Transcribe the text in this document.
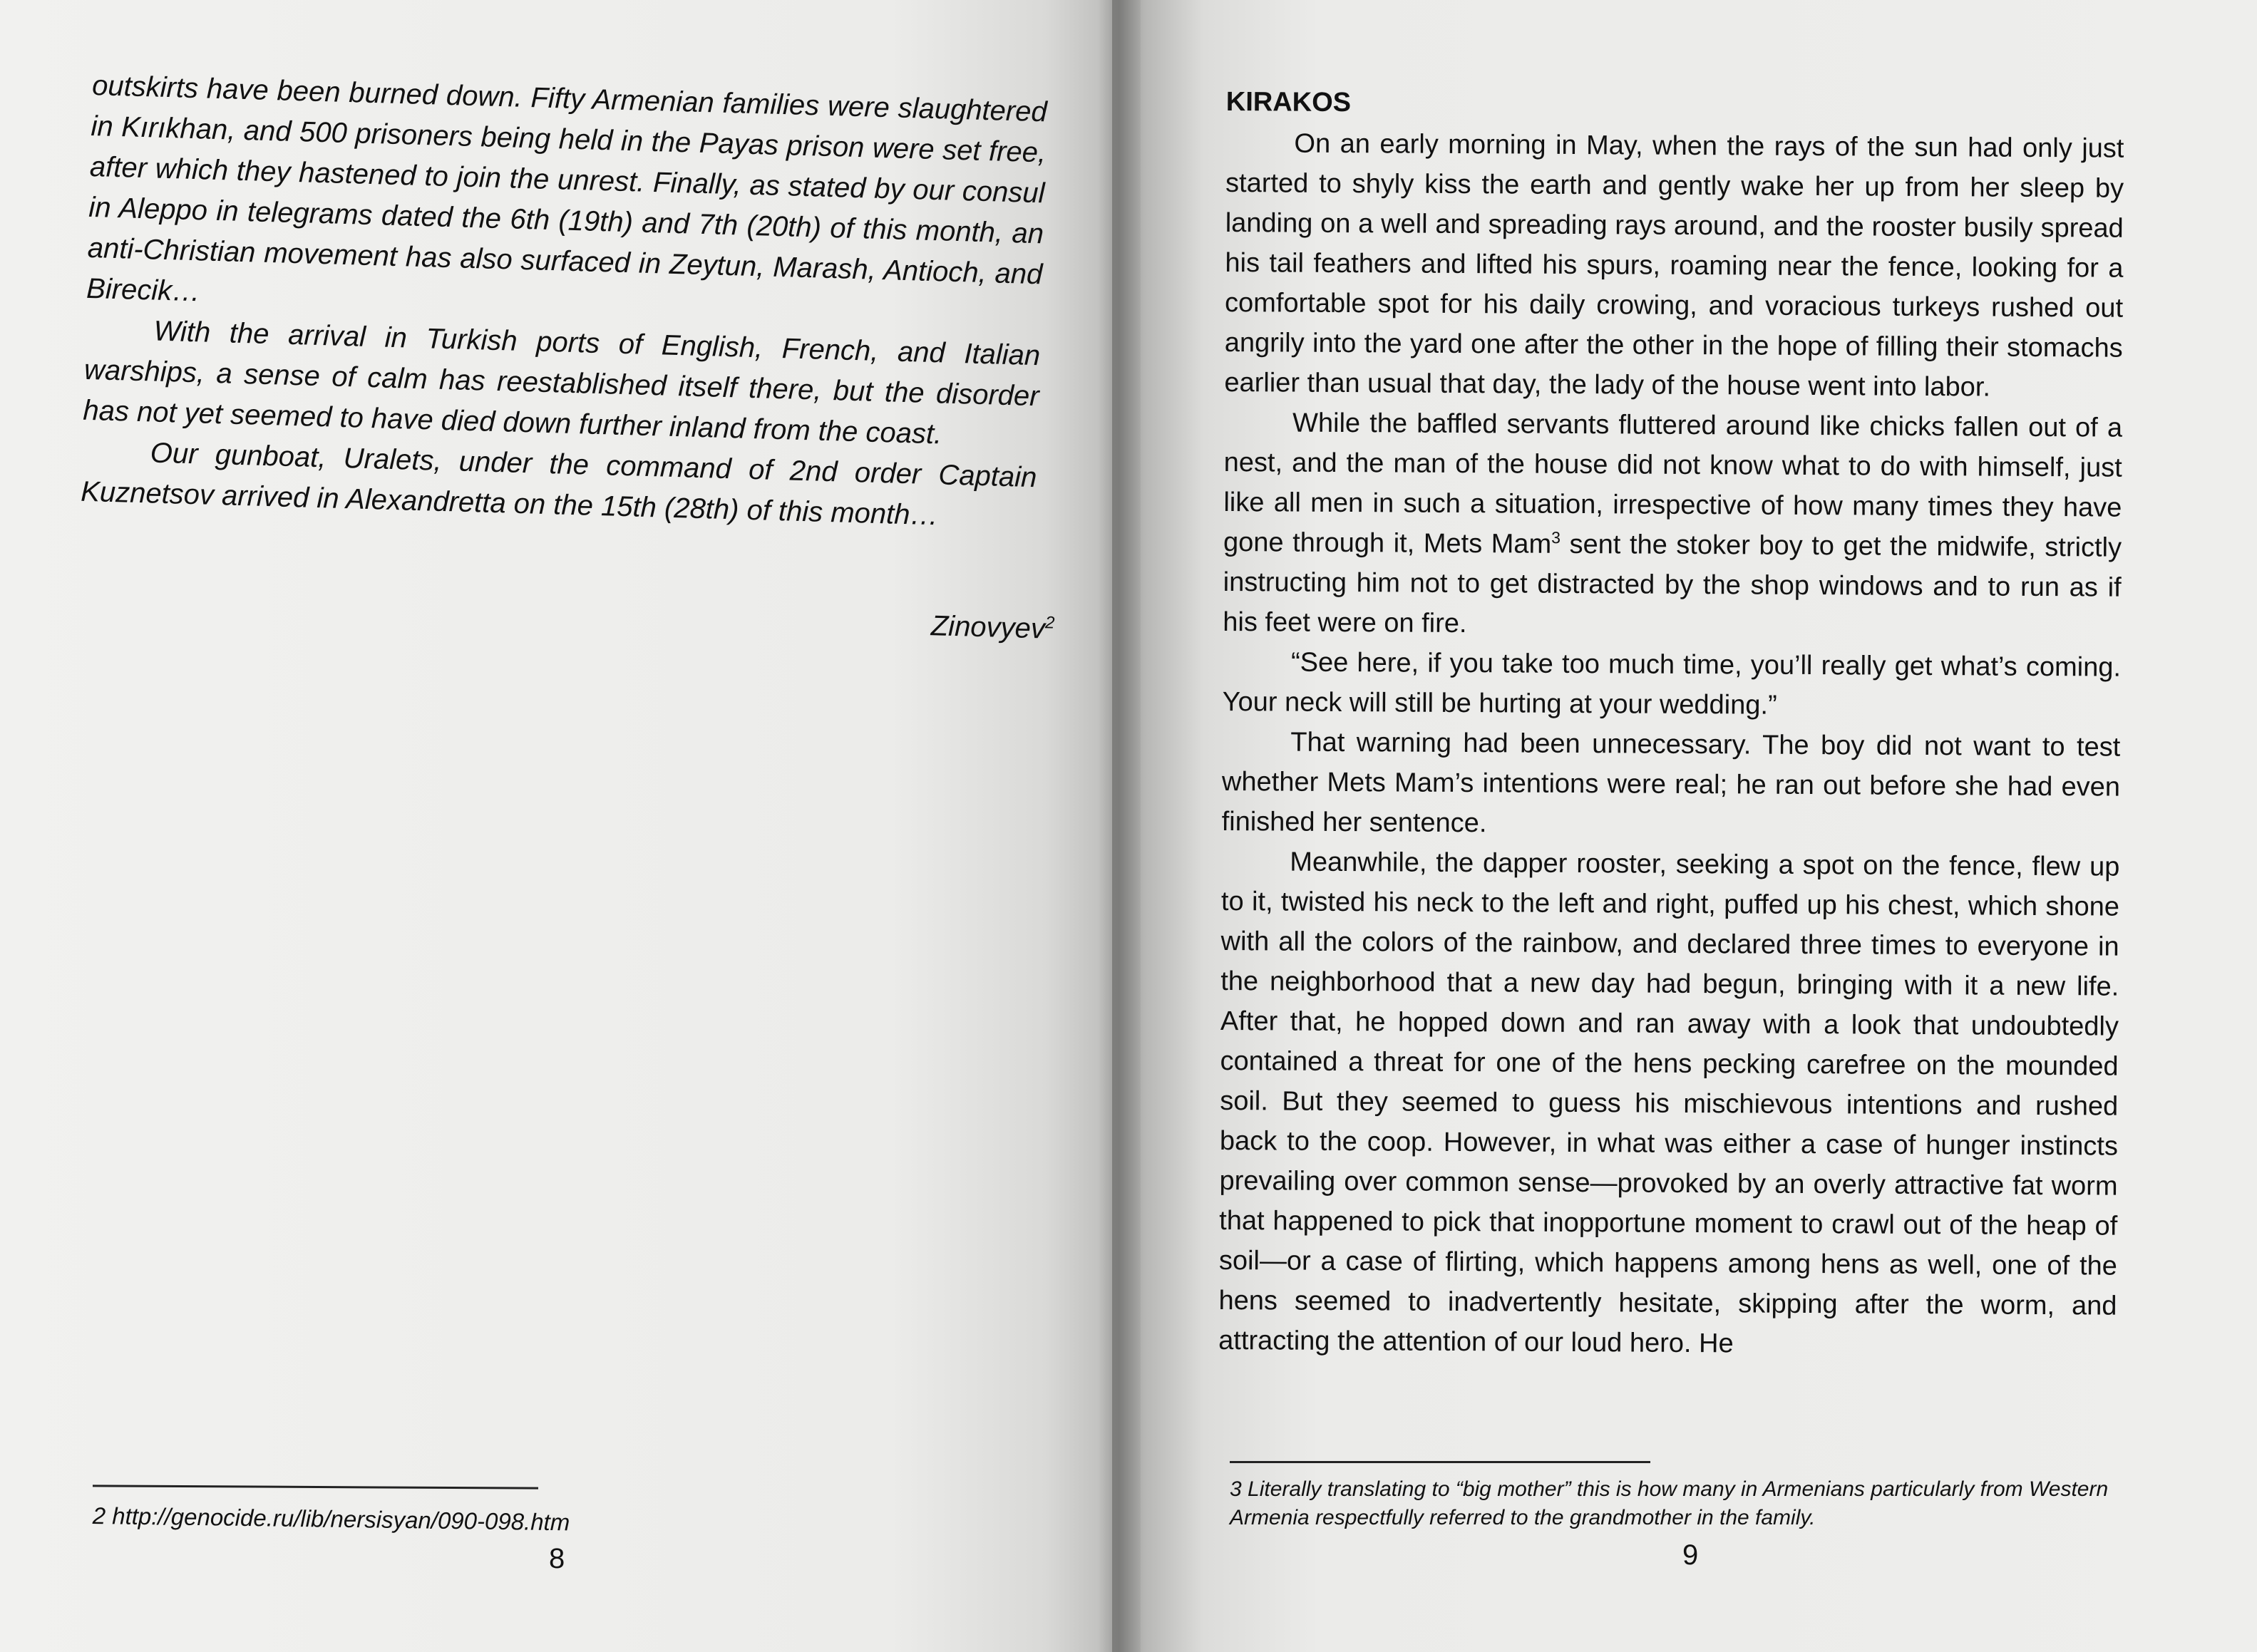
outskirts have been burned down. Fifty Armenian families were slaughtered in Kırıkhan, and 500 prisoners being held in the Payas prison were set free, after which they hastened to join the unrest. Finally, as stated by our consul in Aleppo in telegrams dated the 6th (19th) and 7th (20th) of this month, an anti-Christian movement has also surfaced in Zeytun, Marash, Antioch, and Birecik…

With the arrival in Turkish ports of English, French, and Italian warships, a sense of calm has reestablished itself there, but the disorder has not yet seemed to have died down further inland from the coast.

Our gunboat, Uralets, under the command of 2nd order Captain Kuznetsov arrived in Alexandretta on the 15th (28th) of this month…

Zinovyev$^2$
2 http://genocide.ru/lib/nersisyan/090-098.htm
8
KIRAKOS

On an early morning in May, when the rays of the sun had only just started to shyly kiss the earth and gently wake her up from her sleep by landing on a well and spreading rays around, and the rooster busily spread his tail feathers and lifted his spurs, roaming near the fence, looking for a comfortable spot for his daily crowing, and voracious turkeys rushed out angrily into the yard one after the other in the hope of filling their stomachs earlier than usual that day, the lady of the house went into labor.

While the baffled servants fluttered around like chicks fallen out of a nest, and the man of the house did not know what to do with himself, just like all men in such a situation, irrespective of how many times they have gone through it, Mets Mam$^3$ sent the stoker boy to get the midwife, strictly instructing him not to get distracted by the shop windows and to run as if his feet were on fire.

“See here, if you take too much time, you’ll really get what’s coming. Your neck will still be hurting at your wedding.”

That warning had been unnecessary. The boy did not want to test whether Mets Mam’s intentions were real; he ran out before she had even finished her sentence.

Meanwhile, the dapper rooster, seeking a spot on the fence, flew up to it, twisted his neck to the left and right, puffed up his chest, which shone with all the colors of the rainbow, and declared three times to everyone in the neighborhood that a new day had begun, bringing with it a new life. After that, he hopped down and ran away with a look that undoubtedly contained a threat for one of the hens pecking carefree on the mounded soil. But they seemed to guess his mischievous intentions and rushed back to the coop. However, in what was either a case of hunger instincts prevailing over common sense—provoked by an overly attractive fat worm that happened to pick that inopportune moment to crawl out of the heap of soil—or a case of flirting, which happens among hens as well, one of the hens seemed to inadvertently hesitate, skipping after the worm, and attracting the attention of our loud hero. He

3 Literally translating to “big mother” this is how many in Armenians particularly from Western Armenia respectfully referred to the grandmother in the family.
9
